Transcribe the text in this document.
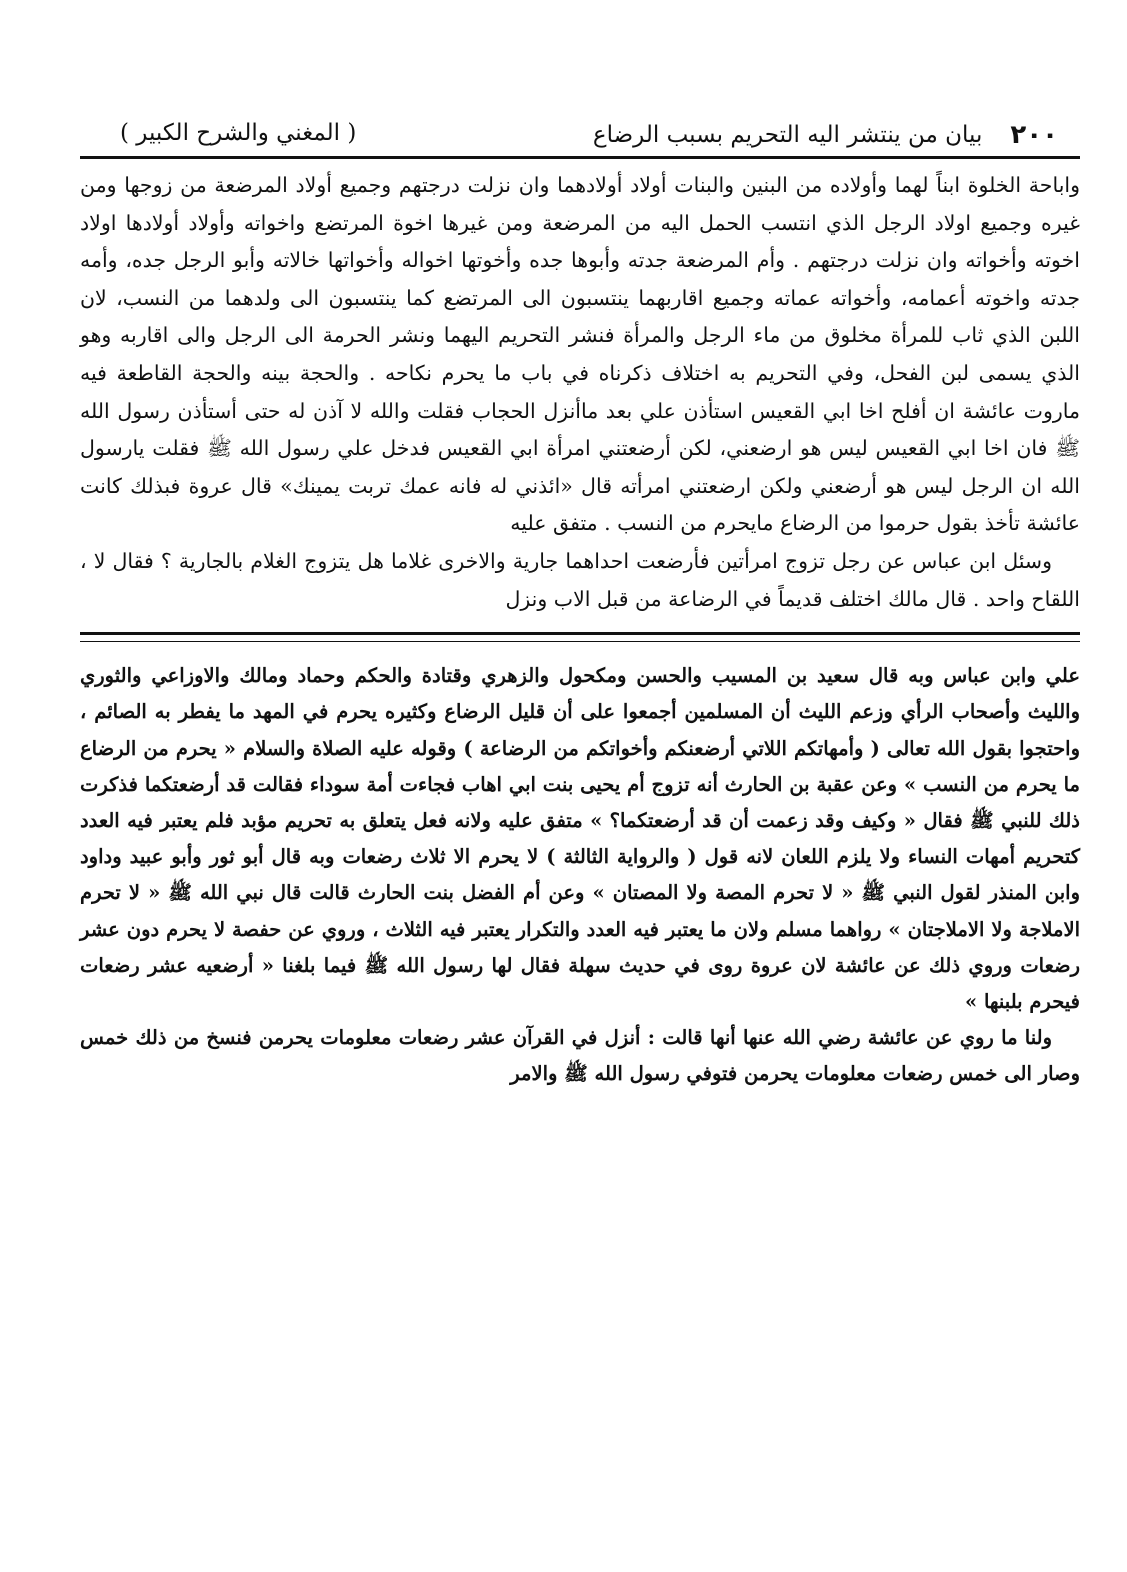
٢٠٠
بيان من ينتشر اليه التحريم بسبب الرضاع
( المغني والشرح الكبير )

واباحة الخلوة ابناً لهما وأولاده من البنين والبنات أولاد أولادهما وان نزلت درجتهم وجميع أولاد المرضعة من زوجها ومن غيره وجميع اولاد الرجل الذي انتسب الحمل اليه من المرضعة ومن غيرها اخوة المرتضع واخواته وأولاد أولادها اولاد اخوته وأخواته وان نزلت درجتهم . وأم المرضعة جدته وأبوها جده وأخوتها اخواله وأخواتها خالاته وأبو الرجل جده، وأمه جدته واخوته أعمامه، وأخواته عماته وجميع اقاربهما ينتسبون الى المرتضع كما ينتسبون الى ولدهما من النسب، لان اللبن الذي ثاب للمرأة مخلوق من ماء الرجل والمرأة فنشر التحريم اليهما ونشر الحرمة الى الرجل والى اقاربه وهو الذي يسمى لبن الفحل، وفي التحريم به اختلاف ذكرناه في باب ما يحرم نكاحه . والحجة بينه والحجة القاطعة فيه ماروت عائشة ان أفلح اخا ابي القعيس استأذن علي بعد ماأنزل الحجاب فقلت والله لا آذن له حتى أستأذن رسول الله ﷺ فان اخا ابي القعيس ليس هو ارضعني، لكن أرضعتني امرأة ابي القعيس فدخل علي رسول الله ﷺ فقلت يارسول الله ان الرجل ليس هو أرضعني ولكن ارضعتني امرأته قال «ائذني له فانه عمك تربت يمينك» قال عروة فبذلك كانت عائشة تأخذ بقول حرموا من الرضاع مايحرم من النسب . متفق عليه

وسئل ابن عباس عن رجل تزوج امرأتين فأرضعت احداهما جارية والاخرى غلاما هل يتزوج الغلام بالجارية ؟ فقال لا ، اللقاح واحد . قال مالك اختلف قديماً في الرضاعة من قبل الاب ونزل

علي وابن عباس وبه قال سعيد بن المسيب والحسن ومكحول والزهري وقتادة والحكم وحماد ومالك والاوزاعي والثوري والليث وأصحاب الرأي وزعم الليث أن المسلمين أجمعوا على أن قليل الرضاع وكثيره يحرم في المهد ما يفطر به الصائم ، واحتجوا بقول الله تعالى ( وأمهاتكم اللاتي أرضعنكم وأخواتكم من الرضاعة ) وقوله عليه الصلاة والسلام « يحرم من الرضاع ما يحرم من النسب » وعن عقبة بن الحارث أنه تزوج أم يحيى بنت ابي اهاب فجاءت أمة سوداء فقالت قد أرضعتكما فذكرت ذلك للنبي ﷺ فقال « وكيف وقد زعمت أن قد أرضعتكما؟ » متفق عليه ولانه فعل يتعلق به تحريم مؤبد فلم يعتبر فيه العدد كتحريم أمهات النساء ولا يلزم اللعان لانه قول ( والرواية الثالثة ) لا يحرم الا ثلاث رضعات وبه قال أبو ثور وأبو عبيد وداود وابن المنذر لقول النبي ﷺ « لا تحرم المصة ولا المصتان » وعن أم الفضل بنت الحارث قالت قال نبي الله ﷺ « لا تحرم الاملاجة ولا الاملاجتان » رواهما مسلم ولان ما يعتبر فيه العدد والتكرار يعتبر فيه الثلاث ، وروي عن حفصة لا يحرم دون عشر رضعات وروي ذلك عن عائشة لان عروة روى في حديث سهلة فقال لها رسول الله ﷺ فيما بلغنا « أرضعيه عشر رضعات فيحرم بلبنها »

ولنا ما روي عن عائشة رضي الله عنها أنها قالت : أنزل في القرآن عشر رضعات معلومات يحرمن فنسخ من ذلك خمس وصار الى خمس رضعات معلومات يحرمن فتوفي رسول الله ﷺ والامر
